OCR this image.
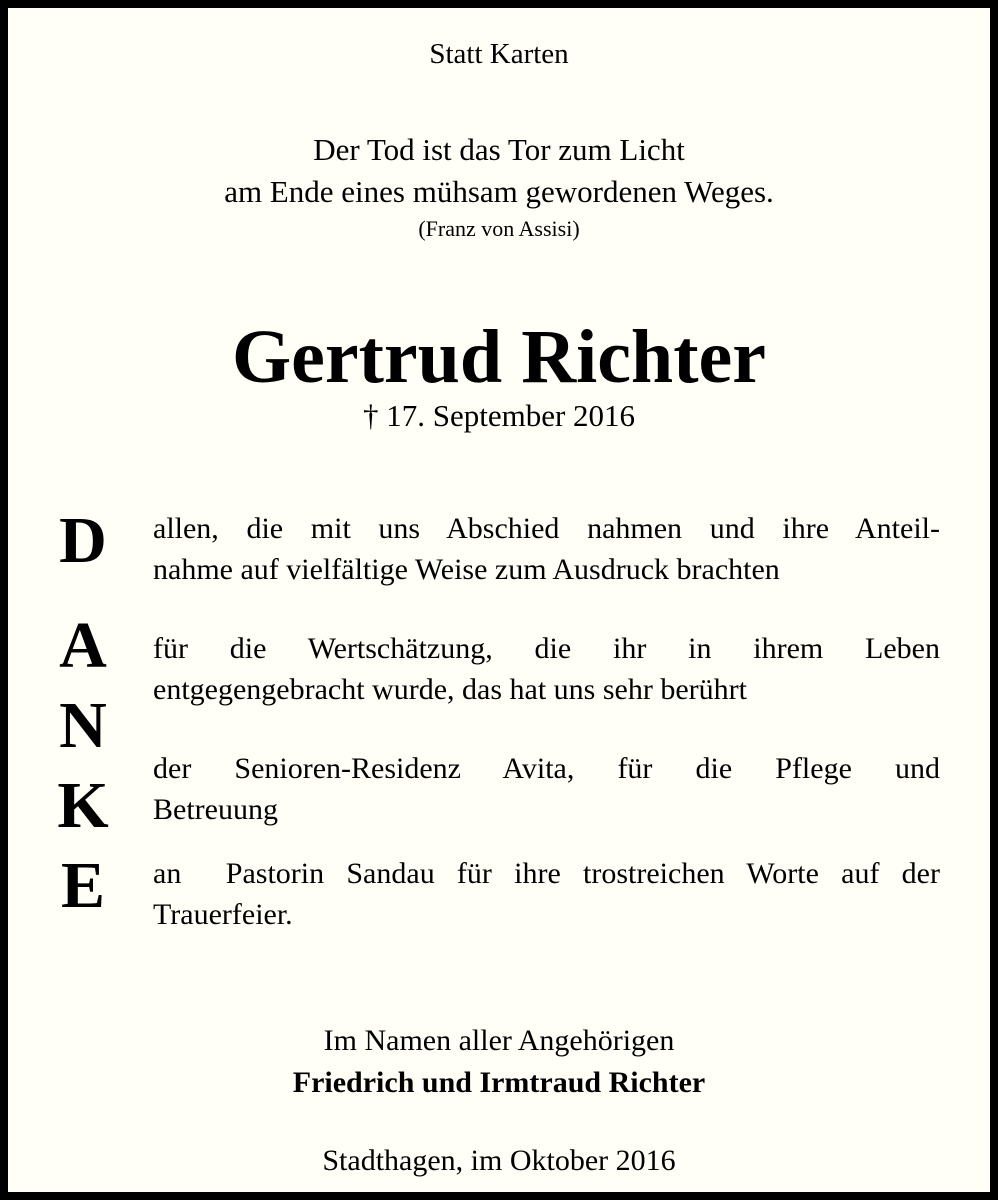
Statt Karten
Der Tod ist das Tor zum Licht
am Ende eines mühsam gewordenen Weges.
(Franz von Assisi)
Gertrud Richter
† 17. September 2016
D
A
N
K
E
allen, die mit uns Abschied nahmen und ihre Anteil-
nahme auf vielfältige Weise zum Ausdruck brachten
für die Wertschätzung, die ihr in ihrem Leben
entgegengebracht wurde, das hat uns sehr berührt
der Senioren-Residenz Avita, für die Pflege und
Betreuung
an  Pastorin Sandau für ihre trostreichen Worte auf der
Trauerfeier.
Im Namen aller Angehörigen
Friedrich und Irmtraud Richter
Stadthagen, im Oktober 2016
